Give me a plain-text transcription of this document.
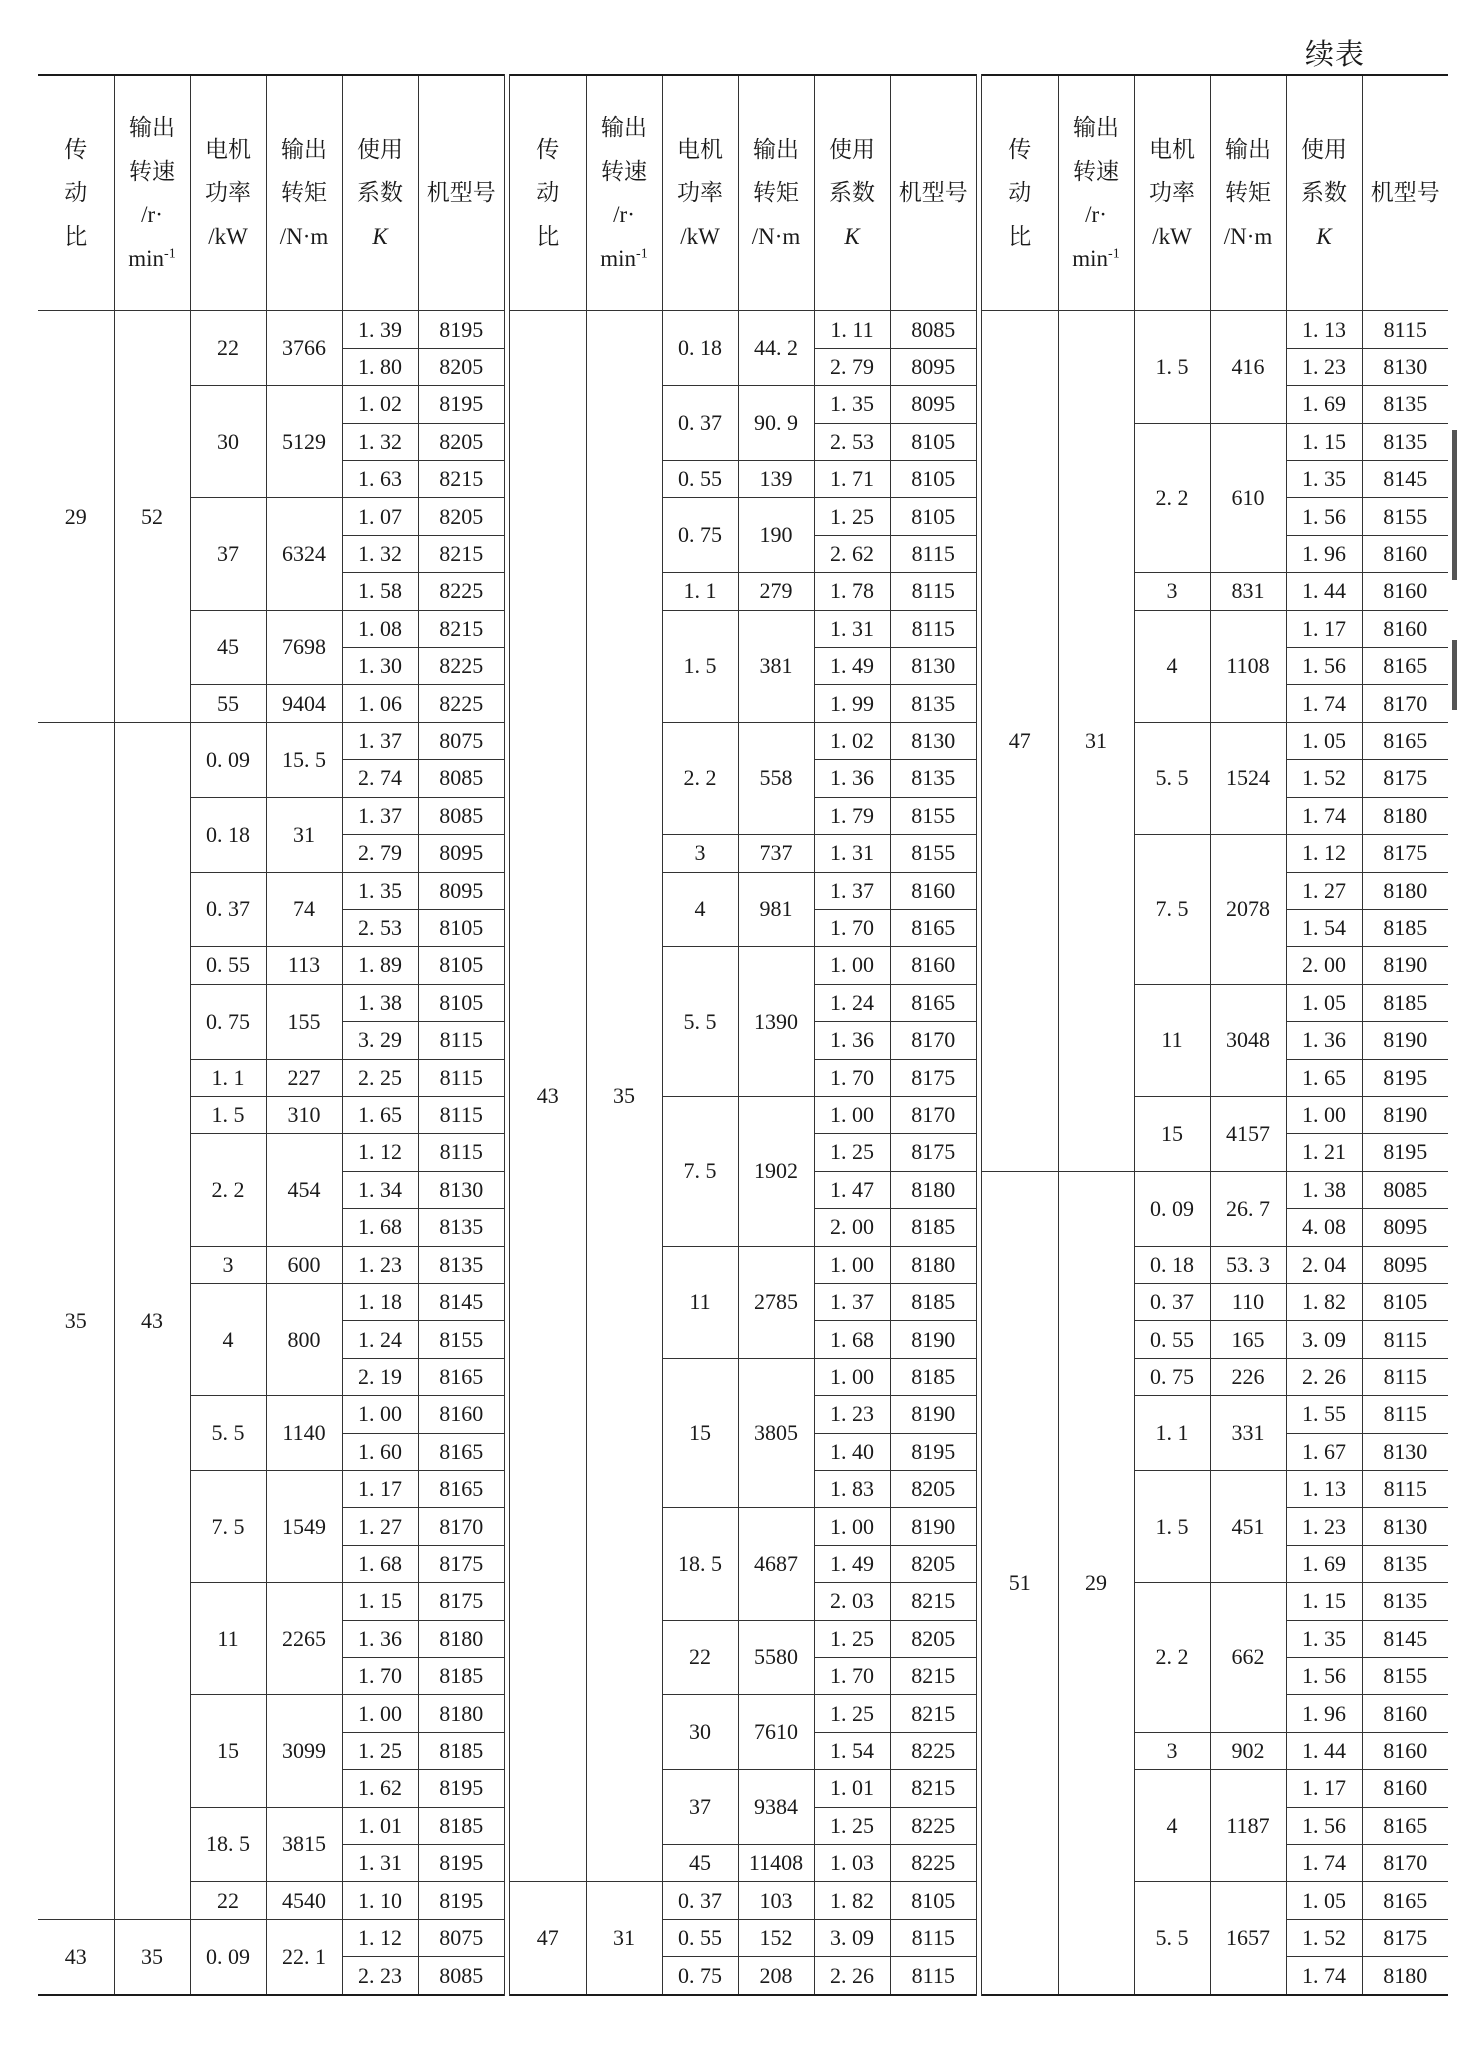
续表
传
动
比	输出
转速
/r·
$\min^{-1}$	电机
功率
/kW	输出
转矩
/N·m	使用
系数
K	机型号
29	52	22	3766	1. 39	8195
				1. 80	8205
		30	5129	1. 02	8195
				1. 32	8205
				1. 63	8215
		37	6324	1. 07	8205
				1. 32	8215
				1. 58	8225
		45	7698	1. 08	8215
				1. 30	8225
		55	9404	1. 06	8225
35	43	0. 09	15. 5	1. 37	8075
				2. 74	8085
		0. 18	31	1. 37	8085
				2. 79	8095
		0. 37	74	1. 35	8095
				2. 53	8105
		0. 55	113	1. 89	8105
		0. 75	155	1. 38	8105
				3. 29	8115
		1. 1	227	2. 25	8115
		1. 5	310	1. 65	8115
		2. 2	454	1. 12	8115
				1. 34	8130
				1. 68	8135
		3	600	1. 23	8135
		4	800	1. 18	8145
				1. 24	8155
				2. 19	8165
		5. 5	1140	1. 00	8160
				1. 60	8165
		7. 5	1549	1. 17	8165
				1. 27	8170
				1. 68	8175
		11	2265	1. 15	8175
				1. 36	8180
				1. 70	8185
		15	3099	1. 00	8180
				1. 25	8185
				1. 62	8195
		18. 5	3815	1. 01	8185
				1. 31	8195
		22	4540	1. 10	8195
43	35	0. 09	22. 1	1. 12	8075
				2. 23	8085
传
动
比	输出
转速
/r·
$\min^{-1}$	电机
功率
/kW	输出
转矩
/N·m	使用
系数
K	机型号
43	35	0. 18	44. 2	1. 11	8085
				2. 79	8095
		0. 37	90. 9	1. 35	8095
				2. 53	8105
		0. 55	139	1. 71	8105
		0. 75	190	1. 25	8105
				2. 62	8115
		1. 1	279	1. 78	8115
		1. 5	381	1. 31	8115
				1. 49	8130
				1. 99	8135
		2. 2	558	1. 02	8130
				1. 36	8135
				1. 79	8155
		3	737	1. 31	8155
		4	981	1. 37	8160
				1. 70	8165
		5. 5	1390	1. 00	8160
				1. 24	8165
				1. 36	8170
				1. 70	8175
		7. 5	1902	1. 00	8170
				1. 25	8175
				1. 47	8180
				2. 00	8185
		11	2785	1. 00	8180
				1. 37	8185
				1. 68	8190
		15	3805	1. 00	8185
				1. 23	8190
				1. 40	8195
				1. 83	8205
		18. 5	4687	1. 00	8190
				1. 49	8205
				2. 03	8215
		22	5580	1. 25	8205
				1. 70	8215
		30	7610	1. 25	8215
				1. 54	8225
		37	9384	1. 01	8215
				1. 25	8225
		45	11408	1. 03	8225
47	31	0. 37	103	1. 82	8105
		0. 55	152	3. 09	8115
		0. 75	208	2. 26	8115
传
动
比	输出
转速
/r·
$\min^{-1}$	电机
功率
/kW	输出
转矩
/N·m	使用
系数
K	机型号
47	31	1. 5	416	1. 13	8115
				1. 23	8130
				1. 69	8135
		2. 2	610	1. 15	8135
				1. 35	8145
				1. 56	8155
				1. 96	8160
		3	831	1. 44	8160
		4	1108	1. 17	8160
				1. 56	8165
				1. 74	8170
		5. 5	1524	1. 05	8165
				1. 52	8175
				1. 74	8180
		7. 5	2078	1. 12	8175
				1. 27	8180
				1. 54	8185
				2. 00	8190
		11	3048	1. 05	8185
				1. 36	8190
				1. 65	8195
		15	4157	1. 00	8190
				1. 21	8195
51	29	0. 09	26. 7	1. 38	8085
				4. 08	8095
		0. 18	53. 3	2. 04	8095
		0. 37	110	1. 82	8105
		0. 55	165	3. 09	8115
		0. 75	226	2. 26	8115
		1. 1	331	1. 55	8115
				1. 67	8130
		1. 5	451	1. 13	8115
				1. 23	8130
				1. 69	8135
		2. 2	662	1. 15	8135
				1. 35	8145
				1. 56	8155
				1. 96	8160
		3	902	1. 44	8160
		4	1187	1. 17	8160
				1. 56	8165
				1. 74	8170
		5. 5	1657	1. 05	8165
				1. 52	8175
				1. 74	8180
